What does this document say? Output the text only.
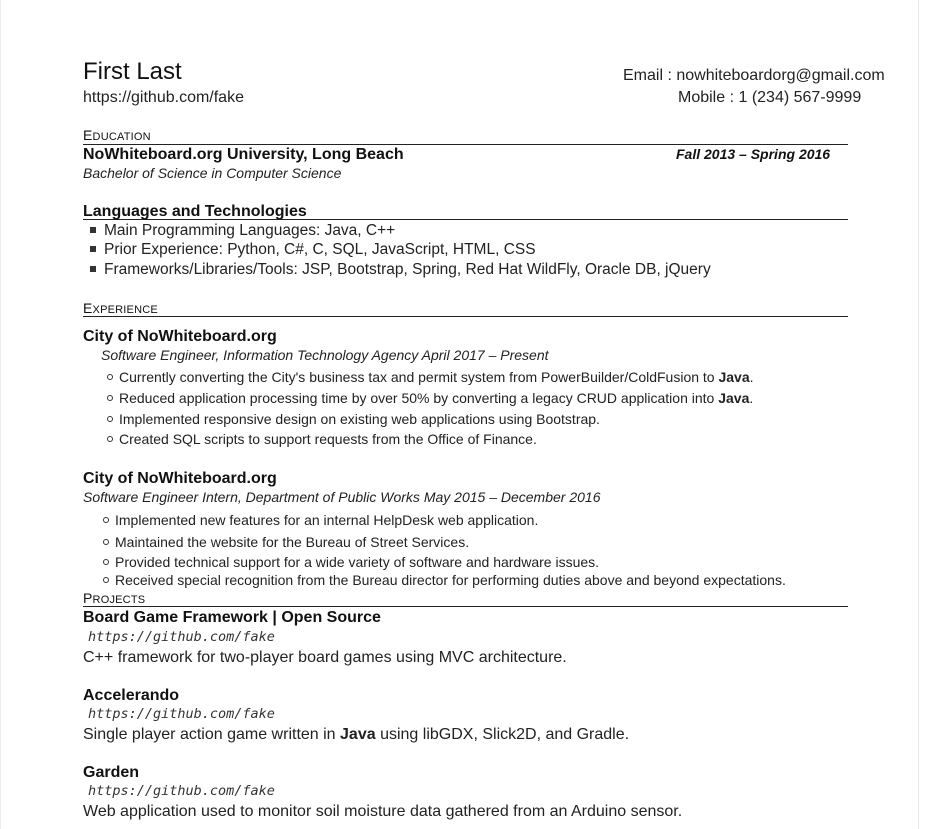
First Last
https://github.com/fake
Email : nowhiteboardorg@gmail.com
Mobile : 1 (234) 567-9999
EDUCATION
NoWhiteboard.org University, Long Beach	Fall 2013 – Spring 2016
Bachelor of Science in Computer Science
Languages and Technologies
Main Programming Languages: Java, C++
Prior Experience: Python, C#, C, SQL, JavaScript, HTML, CSS
Frameworks/Libraries/Tools: JSP, Bootstrap, Spring, Red Hat WildFly, Oracle DB, jQuery
EXPERIENCE
City of NoWhiteboard.org
Software Engineer, Information Technology Agency April 2017 – Present
Currently converting the City's business tax and permit system from PowerBuilder/ColdFusion to Java.
Reduced application processing time by over 50% by converting a legacy CRUD application into Java.
Implemented responsive design on existing web applications using Bootstrap.
Created SQL scripts to support requests from the Office of Finance.
City of NoWhiteboard.org
Software Engineer Intern, Department of Public Works May 2015 – December 2016
Implemented new features for an internal HelpDesk web application.
Maintained the website for the Bureau of Street Services.
Provided technical support for a wide variety of software and hardware issues.
Received special recognition from the Bureau director for performing duties above and beyond expectations.
PROJECTS
Board Game Framework | Open Source
https://github.com/fake
C++ framework for two-player board games using MVC architecture.
Accelerando
https://github.com/fake
Single player action game written in Java using libGDX, Slick2D, and Gradle.
Garden
https://github.com/fake
Web application used to monitor soil moisture data gathered from an Arduino sensor.
